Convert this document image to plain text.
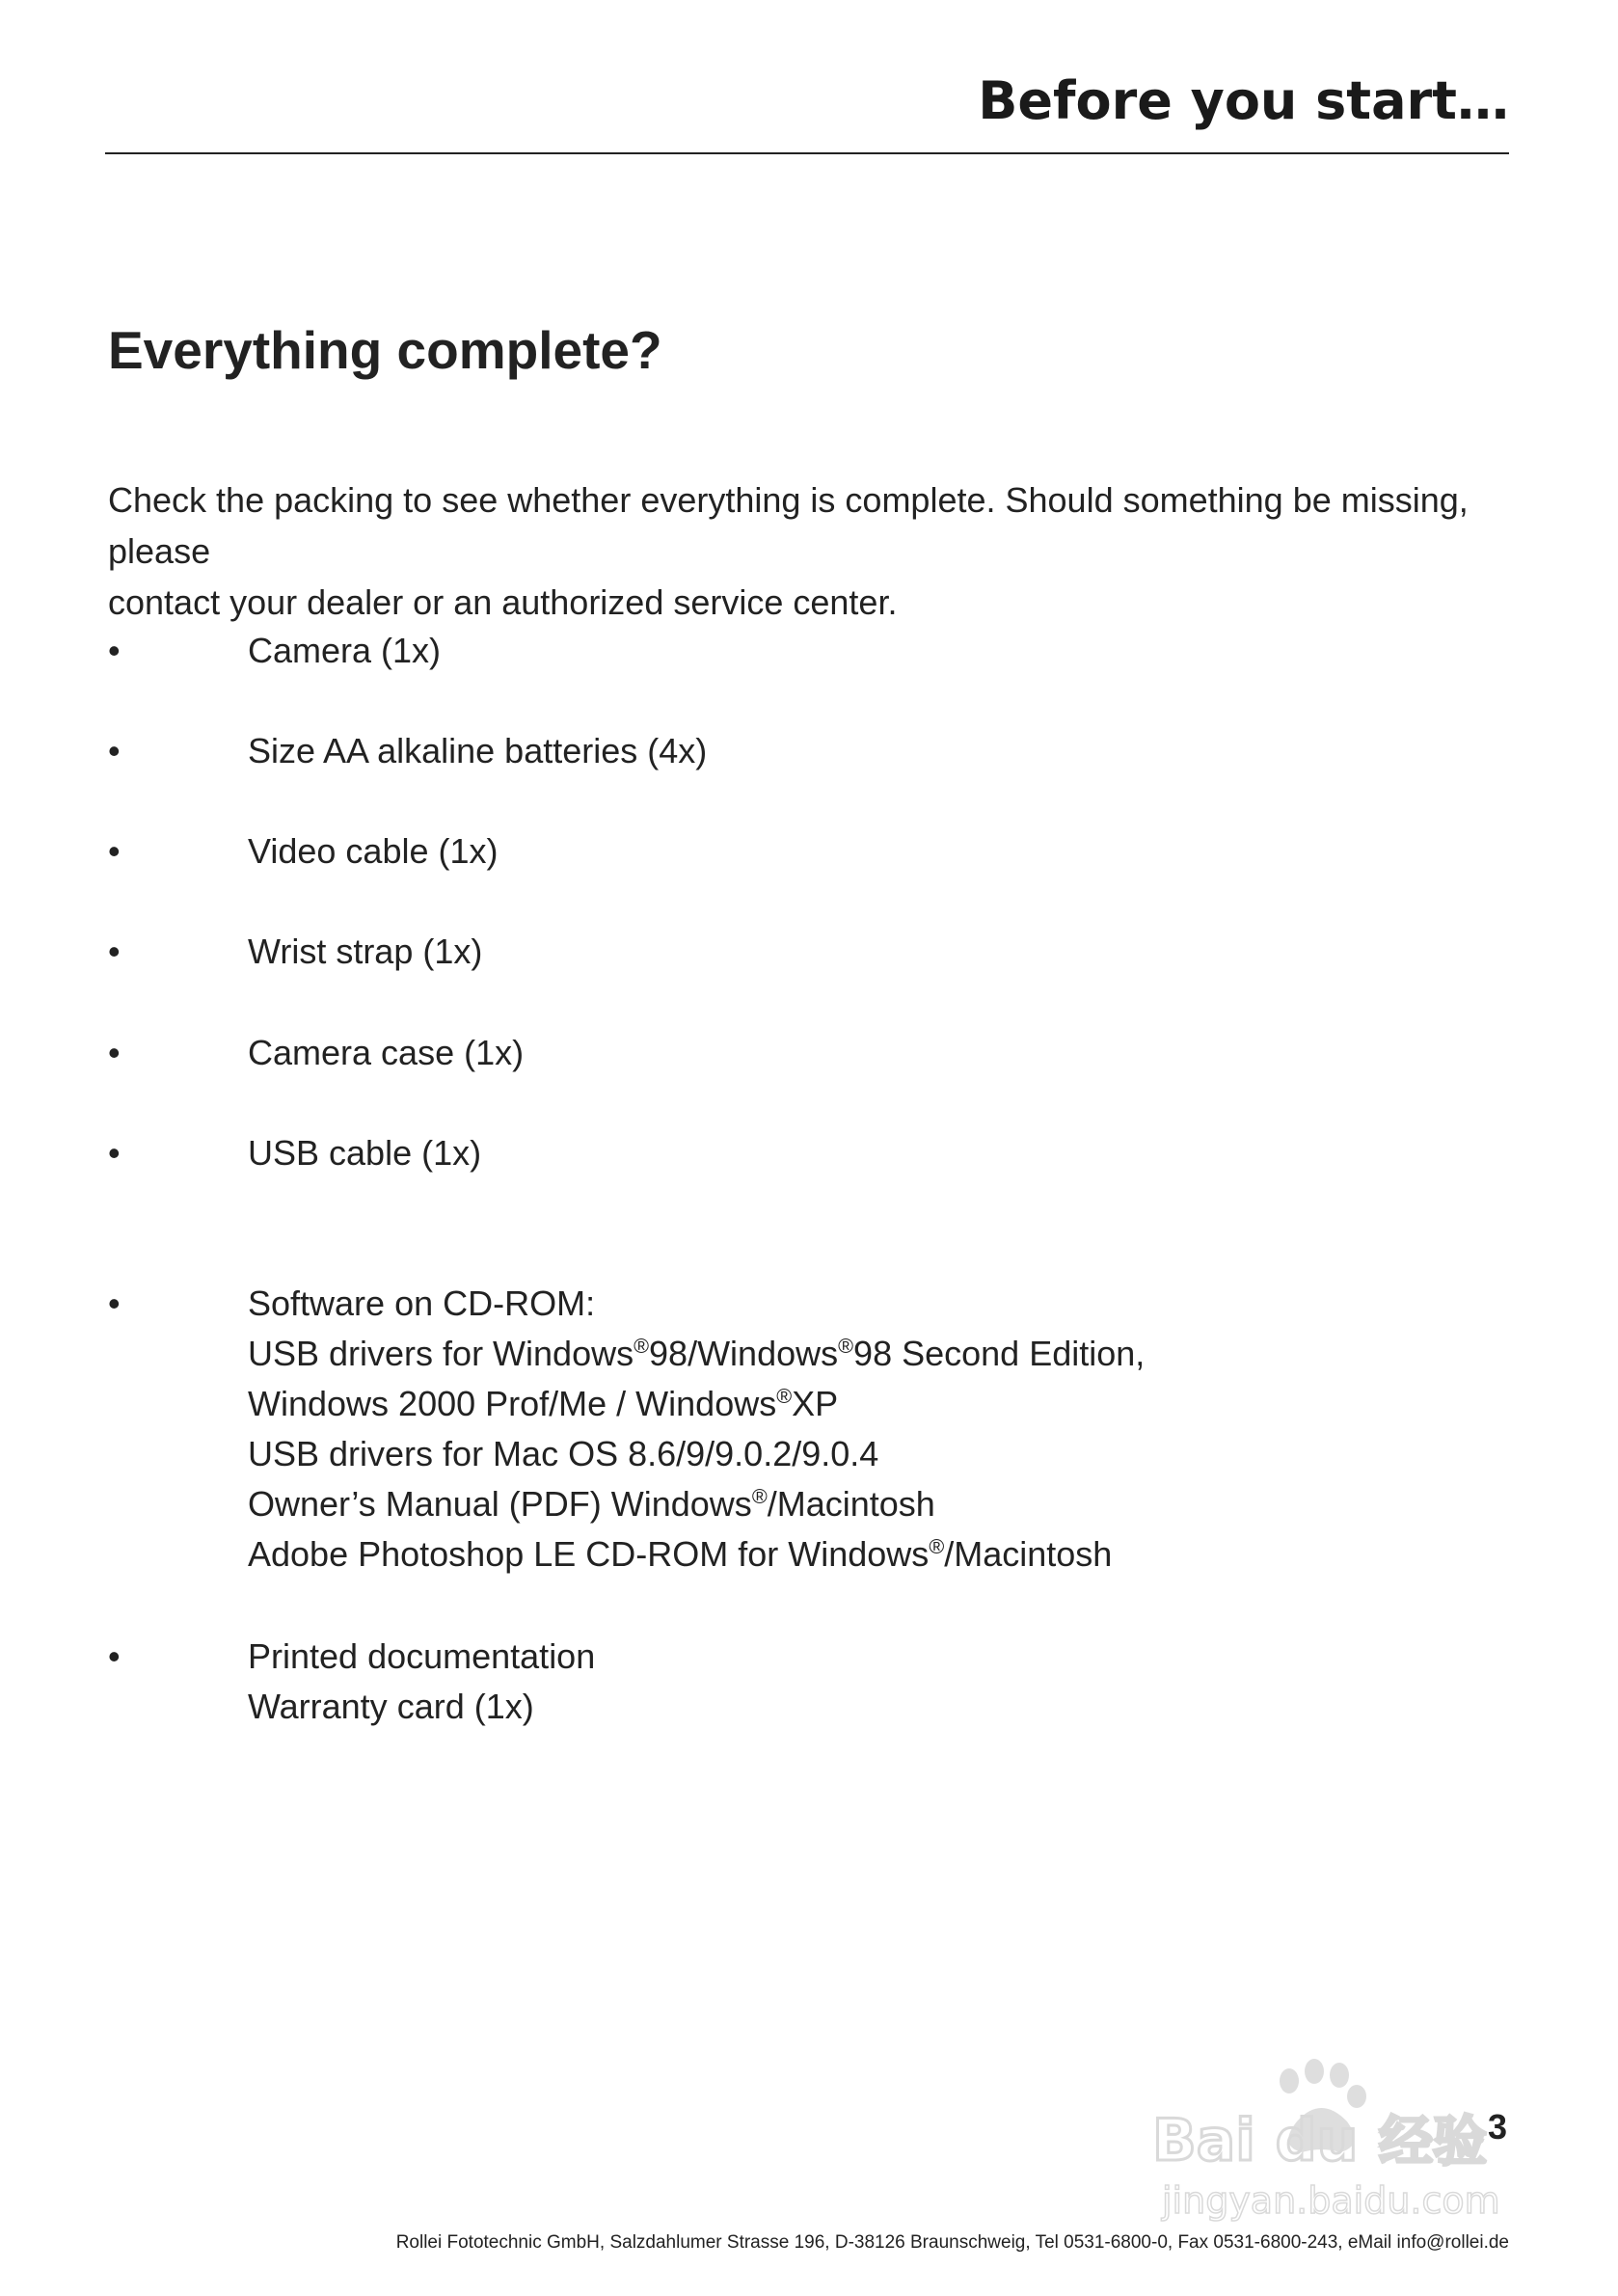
Before you start…
Everything complete?

Check the packing to see whether everything is complete. Should something be missing, please

contact your dealer or an authorized service center.

•	Camera (1x)
•	Size AA alkaline batteries (4x)
•	Video cable (1x)
•	Wrist strap (1x)
•	Camera case (1x)
•	USB cable (1x)
•	Software on CD-ROM:
USB drivers for Windows®98/Windows®98 Second Edition,
Windows 2000 Prof/Me / Windows®XP
USB drivers for Mac OS 8.6/9/9.0.2/9.0.4
Owner’s Manual (PDF) Windows®/Macintosh
Adobe Photoshop LE CD-ROM for Windows®/Macintosh
•	Printed documentation
Warranty card (1x)
3
Bai du 经验
jingyan.baidu.com
Rollei Fototechnic GmbH, Salzdahlumer Strasse 196, D-38126 Braunschweig, Tel 0531-6800-0, Fax 0531-6800-243, eMail info@rollei.de
